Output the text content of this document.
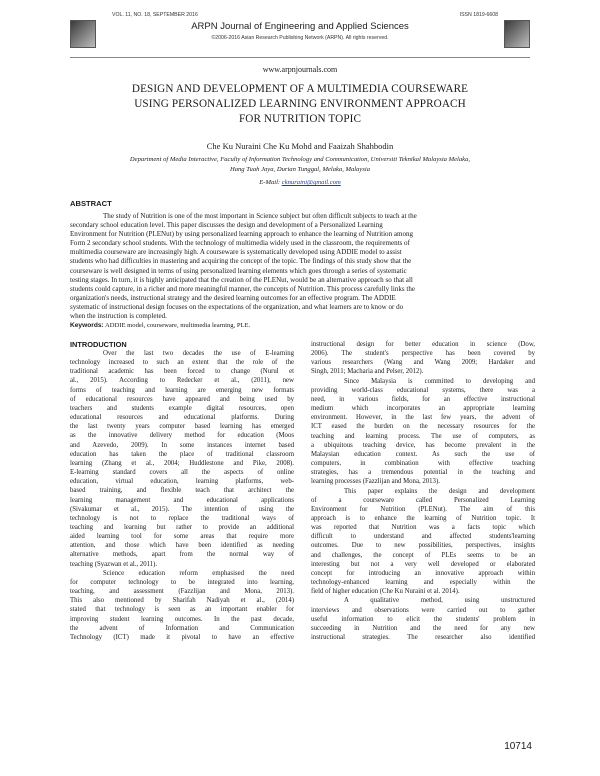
VOL. 11, NO. 18, SEPTEMBER 2016	ISSN 1819-6608
ARPN Journal of Engineering and Applied Sciences
©2006-2016 Asian Research Publishing Network (ARPN). All rights reserved.
www.arpnjournals.com
DESIGN AND DEVELOPMENT OF A MULTIMEDIA COURSEWARE
USING PERSONALIZED LEARNING ENVIRONMENT APPROACH
FOR NUTRITION TOPIC
Che Ku Nuraini Che Ku Mohd and Faaizah Shahbodin
Department of Media Interactive, Faculty of Information Technology and Communication, Universiti Teknikal Malaysia Melaka,
Hang Tuah Jaya, Durian Tunggal, Melaka, Malaysia
E-Mail: cknuraini@gmail.com
ABSTRACT
The study of Nutrition is one of the most important in Science subject but often difficult subjects to teach at the
secondary school education level. This paper discusses the design and development of a Personalized Learning
Environment for Nutrition (PLENut) by using personalized learning approach to enhance the learning of Nutrition among
Form 2 secondary school students. With the technology of multimedia widely used in the classroom, the requirements of
multimedia courseware are increasingly high. A courseware is systematically developed using ADDIE model to assist
students who had difficulties in mastering and acquiring the concept of the topic. The findings of this study show that the
courseware is well designed in terms of using personalized learning elements which goes through a series of systematic
testing stages. In turn, it is highly anticipated that the creation of the PLENut, would be an alternative approach so that all
students could capture, in a richer and more meaningful manner, the concepts of Nutrition. This process carefully links the
organization's needs, instructional strategy and the desired learning outcomes for an effective program. The ADDIE
systematic of instructional design focuses on the expectations of the organization, and what learners are to know or do
when the instruction is completed.
Keywords: ADDIE model, courseware, multimedia learning, PLE.
INTRODUCTION
Over the last two decades the use of E-learning
technology increased to such an extent that the role of the
traditional academic has been forced to change (Nurul et
al., 2015). According to Redecker et al., (2011), new
forms of teaching and learning are emerging new formats
of educational resources have appeared and being used by
teachers and students example digital resources, open
educational resources and educational platforms. During
the last twenty years computer based learning has emerged
as the innovative delivery method for education (Moos
and Azevedo, 2009). In some instances internet based
education has taken the place of traditional classroom
learning (Zhang et al., 2004; Huddlestone and Pike, 2008).
E-learning standard covers all the aspects of online
education, virtual education, learning platforms, web-
based training, and flexible teach that architect the
learning management and educational applications
(Sivakumar et al., 2015). The intention of using the
technology is not to replace the traditional ways of
teaching and learning but rather to provide an additional
aided learning tool for some areas that require more
attention, and those which have been identified as needing
alternative methods, apart from the normal way of
teaching (Syazwan et al., 2011).
Science education reform emphasised the need
for computer technology to be integrated into learning,
teaching, and assessment (Fazzlijan and Mona, 2013).
This also mentioned by Sharifah Nadiyah et al., (2014)
stated that technology is seen as an important enabler for
improving student learning outcomes. In the past decade,
the advent of Information and Communication
Technology (ICT) made it pivotal to have an effective
instructional design for better education in science (Dow,
2006). The student's perspective has been covered by
various researchers (Wang and Wang 2009; Hardaker and
Singh, 2011; Macharia and Pelser, 2012).
Since Malaysia is committed to developing and
providing world-class educational systems, there was a
need, in various fields, for an effective instructional
medium which incorporates an appropriate learning
environment. However, in the last few years, the advent of
ICT eased the burden on the necessary resources for the
teaching and learning process. The use of computers, as
a ubiquitous teaching device, has become prevalent in the
Malaysian education context. As such the use of
computers, in combination with effective teaching
strategies, has a tremendous potential in the teaching and
learning processes (Fazzlijan and Mona, 2013).
This paper explains the design and development
of a courseware called Personalized Learning
Environment for Nutrition (PLENut). The aim of this
approach is to enhance the learning of Nutrition topic. It
was reported that Nutrition was a facts topic which
difficult to understand and affected students'learning
outcomes. Due to new possibilities, perspectives, insights
and challenges, the concept of PLEs seems to be an
interesting but not a very well developed or elaborated
concept for introducing an innovative approach within
technology-enhanced learning and especially within the
field of higher education (Che Ku Nuraini et al. 2014).
A qualitative method, using unstructured
interviews and observations were carried out to gather
useful information to elicit the students' problem in
succeeding in Nutrition and the need for any new
instructional strategies. The researcher also identified
10714
